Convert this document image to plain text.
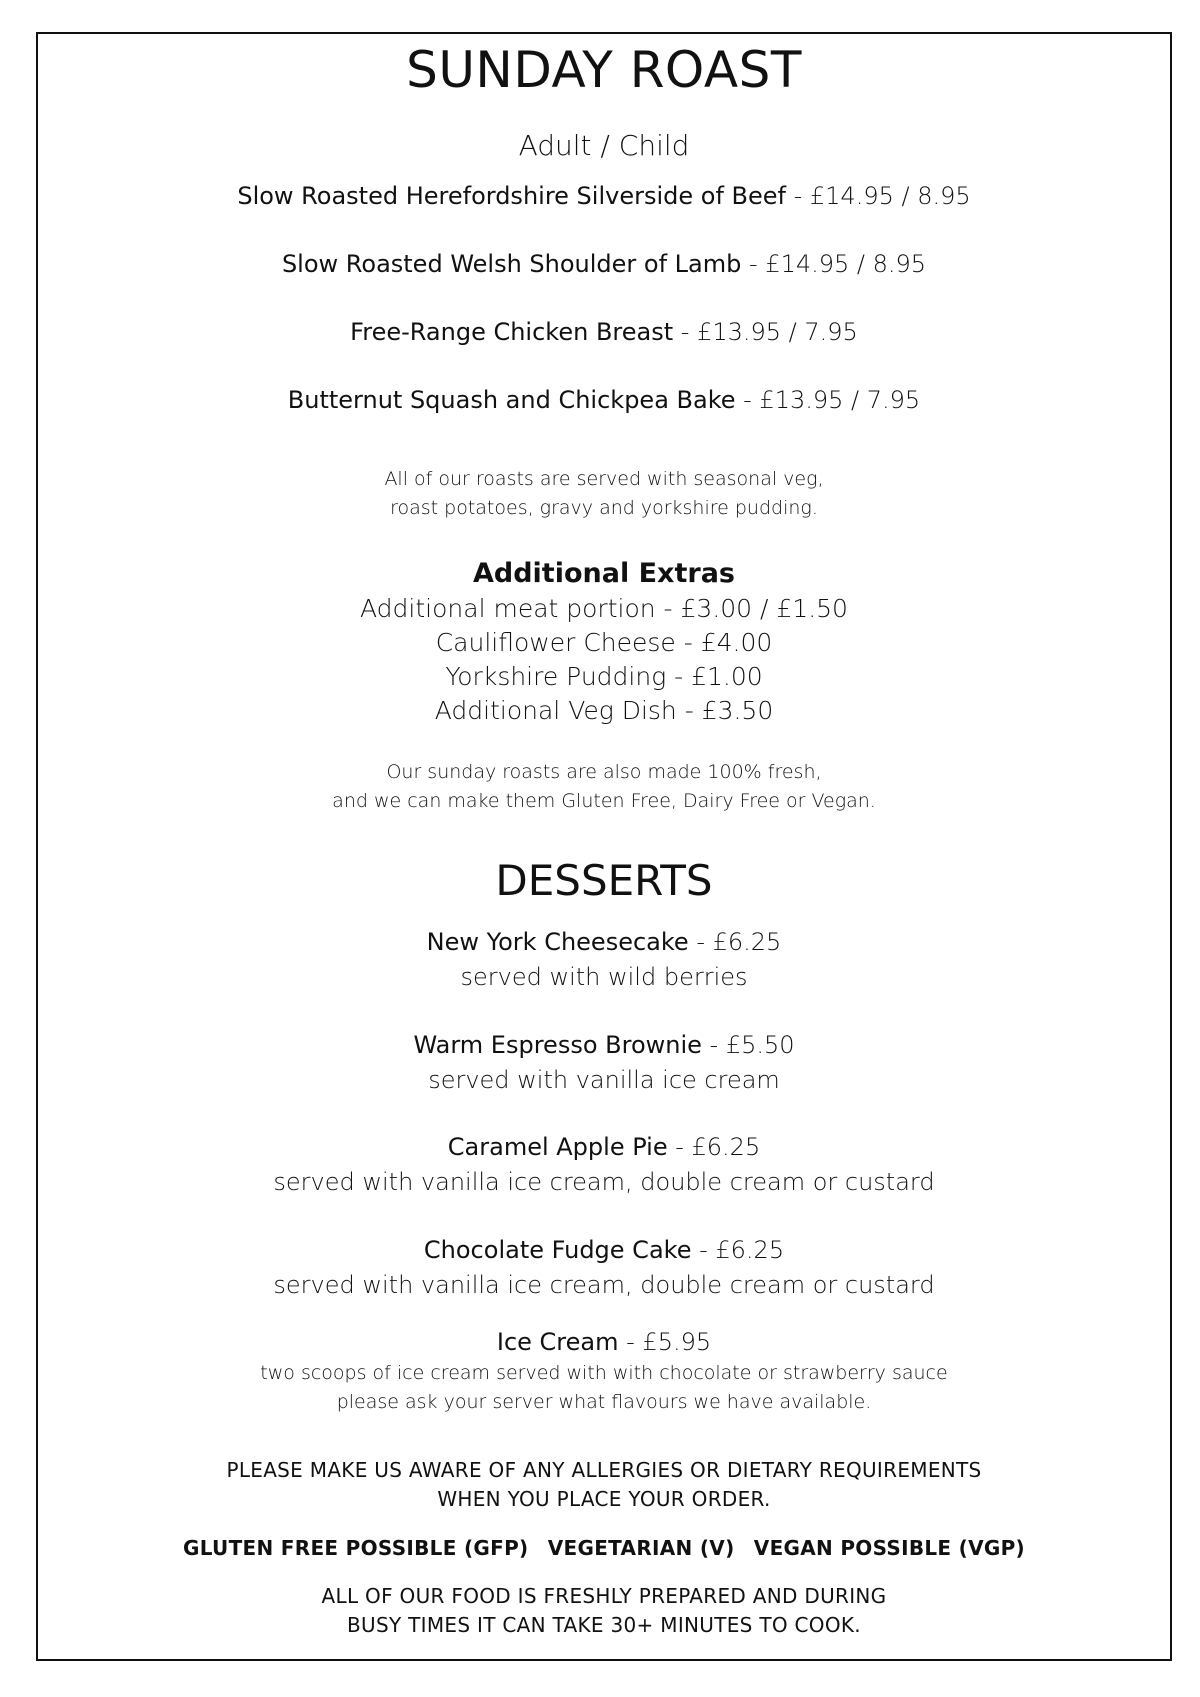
SUNDAY ROAST
Adult / Child
Slow Roasted Herefordshire Silverside of Beef - £14.95 / 8.95
Slow Roasted Welsh Shoulder of Lamb - £14.95 / 8.95
Free-Range Chicken Breast - £13.95 / 7.95
Butternut Squash and Chickpea Bake - £13.95 / 7.95
All of our roasts are served with seasonal veg,
roast potatoes, gravy and yorkshire pudding.
Additional Extras
Additional meat portion - £3.00 / £1.50
Cauliflower Cheese - £4.00
Yorkshire Pudding - £1.00
Additional Veg Dish - £3.50
Our sunday roasts are also made 100% fresh,
and we can make them Gluten Free, Dairy Free or Vegan.
DESSERTS
New York Cheesecake - £6.25
served with wild berries
Warm Espresso Brownie - £5.50
served with vanilla ice cream
Caramel Apple Pie - £6.25
served with vanilla ice cream, double cream or custard
Chocolate Fudge Cake - £6.25
served with vanilla ice cream, double cream or custard
Ice Cream - £5.95
two scoops of ice cream served with with chocolate or strawberry sauce
please ask your server what flavours we have available.
PLEASE MAKE US AWARE OF ANY ALLERGIES OR DIETARY REQUIREMENTS
WHEN YOU PLACE YOUR ORDER.
GLUTEN FREE POSSIBLE (GFP) VEGETARIAN (V) VEGAN POSSIBLE (VGP)
ALL OF OUR FOOD IS FRESHLY PREPARED AND DURING
BUSY TIMES IT CAN TAKE 30+ MINUTES TO COOK.
